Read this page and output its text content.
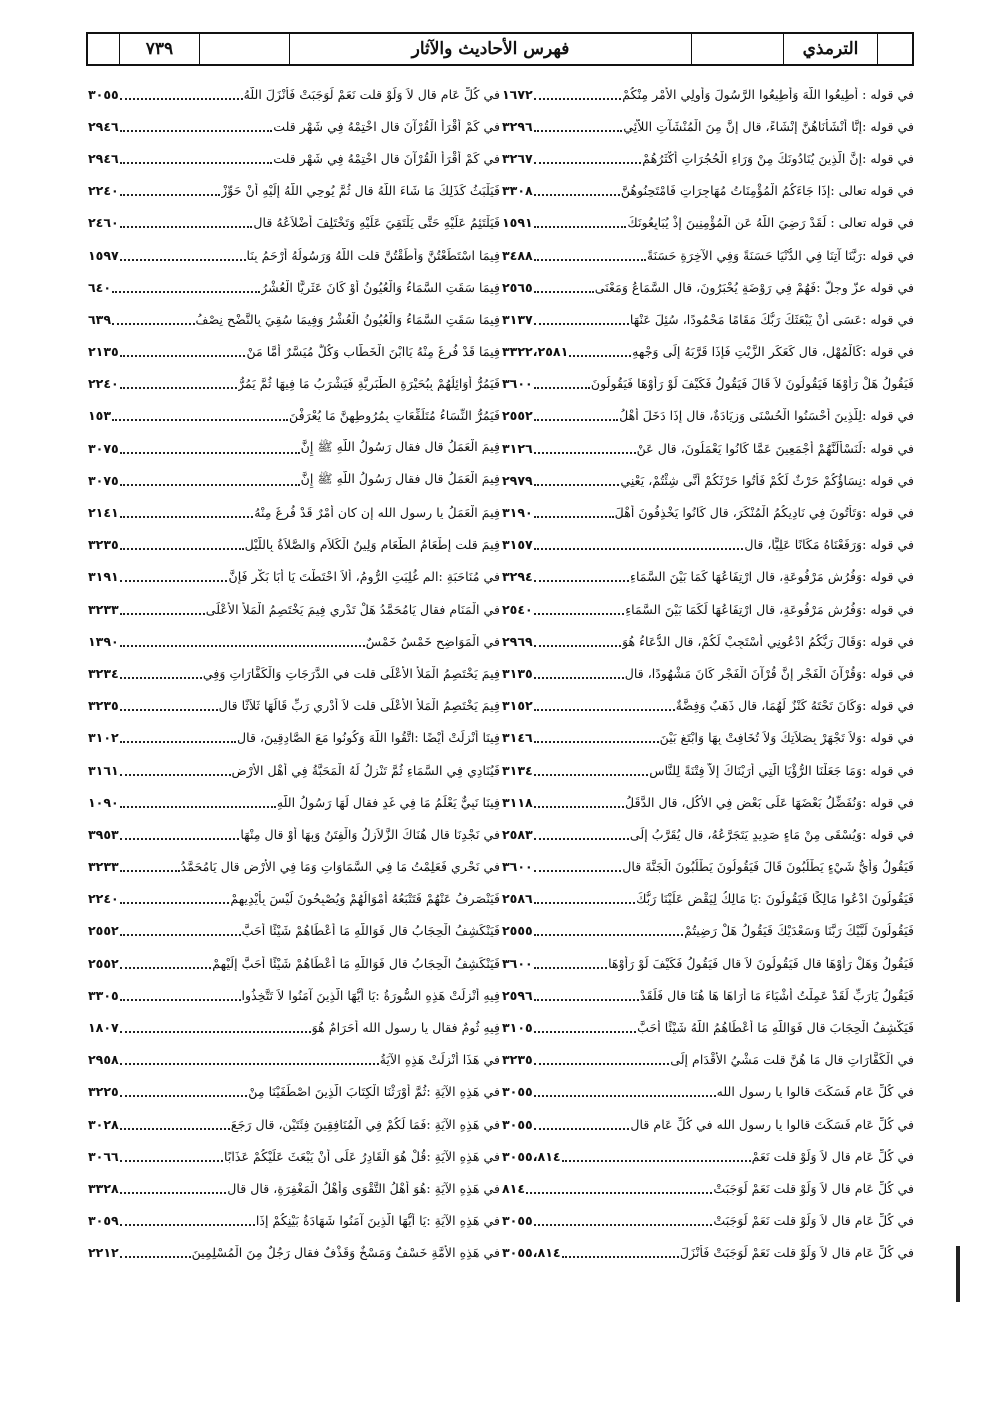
٧٣٩	فهرس الأحاديث والآثار	الترمذي
في قوله : أَطِيعُوا اللَّهَ وَأَطِيعُوا الرَّسُولَ وَأُولِي الأَمْرِ مِنْكُمْ
١٦٧٢
في قوله :إِنَّا أَنْشَأْنَاهُنَّ إِنْشَاءً، قال إِنَّ مِنَ الْمُنْشَآتِ اللاَّئِي
٣٢٩٦
في قوله :إِنَّ الَّذِينَ يُنَادُونَكَ مِنْ وَرَاءِ الْحُجُرَاتِ أَكْثَرُهُمْ
٣٢٦٧
في قوله تعالى :إِذَا جَاءَكُمُ الْمُؤْمِنَاتُ مُهَاجِرَاتٍ فَامْتَحِنُوهُنَّ
٣٣٠٨
في قوله تعالى : لَقَدْ رَضِيَ اللَّهُ عَنِ الْمُؤْمِنِينَ إِذْ يُبَايِعُونَكَ
١٥٩١
في قوله :رَبَّنَا آتِنَا فِي الدُّنْيَا حَسَنَةً وَفِي الآخِرَةِ حَسَنَةً
٣٤٨٨
في قوله عزّ وجلّ :فَهُمْ فِي رَوْضَةٍ يُحْبَرُونَ، قال السَّمَاعُ وَمَعْنَى
٢٥٦٥
في قوله :عَسَى أَنْ يَبْعَثَكَ رَبُّكَ مَقَامًا مَحْمُودًا، سُئِلَ عَنْهَا
٣١٣٧
في قوله :كَالْمُهْلِ، قال كَعَكَرِ الزَّيْتِ فَإِذَا قَرَّبَهُ إِلَى وَجْهِهِ
٣٣٢٢،٢٥٨١
فَيَقُولُ هَلْ رَأَوْهَا فَيَقُولُونَ لاَ قَالَ فَيَقُولُ فَكَيْفَ لَوْ رَأَوْهَا فَيَقُولُونَ
٣٦٠٠
في قوله :لِلَّذِينَ أَحْسَنُوا الْحُسْنَى وَزِيَادَةٌ، قال إِذَا دَخَلَ أَهْلُ
٢٥٥٢
في قوله :لَنَسْأَلَنَّهُمْ أَجْمَعِينَ عَمَّا كَانُوا يَعْمَلُونَ، قال عَنْ
٣١٢٦
في قوله :نِسَاؤُكُمْ حَرْثٌ لَكُمْ فَأْتُوا حَرْثَكُمْ أَنَّى شِئْتُمْ، يَعْنِي
٢٩٧٩
في قوله :وَتَأْتُونَ فِي نَادِيكُمُ الْمُنْكَرَ، قال كَانُوا يَخْذِفُونَ أَهْلَ
٣١٩٠
في قوله :وَرَفَعْنَاهُ مَكَانًا عَلِيًّا، قال
٣١٥٧
في قوله :وَفُرُشٍ مَرْفُوعَةٍ، قال ارْتِفَاعُهَا كَمَا بَيْنَ السَّمَاءِ
٣٢٩٤
في قوله :وَفُرُشٍ مَرْفُوعَةٍ، قال ارْتِفَاعُهَا لَكَمَا بَيْنَ السَّمَاءِ
٢٥٤٠
في قوله :وَقَالَ رَبُّكُمُ ادْعُونِي أَسْتَجِبْ لَكُمْ، قال الدُّعَاءُ هُوَ
٢٩٦٩
في قوله :وَقُرْآنَ الْفَجْرِ إِنَّ قُرْآنَ الْفَجْرِ كَانَ مَشْهُودًا، قال
٣١٣٥
في قوله :وَكَانَ تَحْتَهُ كَنْزٌ لَهُمَا، قال ذَهَبٌ وَفِضَّةٌ
٣١٥٢
في قوله :وَلاَ تَجْهَرْ بِصَلاَتِكَ وَلاَ تُخَافِتْ بِهَا وَابْتَغِ بَيْنَ
٣١٤٦
في قوله :وَمَا جَعَلْنَا الرُّؤْيَا الَّتِي أَرَيْنَاكَ إِلاَّ فِتْنَةً لِلنَّاسِ
٣١٣٤
في قوله :وَنُفَضِّلُ بَعْضَهَا عَلَى بَعْضٍ فِي الأُكُلِ، قال الدَّقَلُ
٣١١٨
في قوله :وَيُسْقَى مِنْ مَاءٍ صَدِيدٍ يَتَجَرَّعُهُ، قال يُقَرَّبُ إِلَى
٢٥٨٣
فَيَقُولُ وَأَيُّ شَيْءٍ يَطْلُبُونَ قَالَ فَيَقُولُونَ يَطْلُبُونَ الْجَنَّةَ قال
٣٦٠٠
فَيَقُولُونَ ادْعُوا مَالِكًا فَيَقُولُونَ :يَا مَالِكُ لِيَقْضِ عَلَيْنَا رَبُّكَ
٢٥٨٦
فَيَقُولُونَ لَبَّيْكَ رَبَّنَا وَسَعْدَيْكَ فَيَقُولُ هَلْ رَضِيتُمْ
٢٥٥٥
فَيَقُولُ وَهَلْ رَأَوْهَا قال فَيَقُولُونَ لاَ قال فَيَقُولُ فَكَيْفَ لَوْ رَأَوْهَا
٣٦٠٠
فَيَقُولُ يَارَبِّ لَقَدْ عَمِلْتُ أَشْيَاءَ مَا أَرَاهَا هَا هُنَا قال فَلَقَدْ
٢٥٩٦
فَيَكْشِفُ الْحِجَابَ قال فَوَاللَّهِ مَا أَعْطَاهُمُ اللَّهُ شَيْئًا أَحَبَّ
٣١٠٥
في الْكَفَّارَاتِ قال مَا هُنَّ قلت مَشْيُ الأَقْدَامِ إِلَى
٣٢٣٥
في كُلِّ عَامٍ فَسَكَتَ قالوا يا رسول الله
٣٠٥٥
في كُلِّ عَامٍ فَسَكَتَ قالوا يا رسول الله في كُلِّ عَامٍ قال
٣٠٥٥
في كُلِّ عَامٍ قال لاَ وَلَوْ قلت نَعَمْ
٣٠٥٥،٨١٤
في كُلِّ عَامٍ قال لاَ وَلَوْ قلت نَعَمْ لَوَجَبَتْ
٨١٤
في كُلِّ عَامٍ قال لاَ وَلَوْ قلت نَعَمْ لَوَجَبَتْ
٣٠٥٥
في كُلِّ عَامٍ قال لاَ وَلَوْ قلت نَعَمْ لَوَجَبَتْ فَأَنْزَلَ
٣٠٥٥،٨١٤
في كُلِّ عَامٍ قال لاَ وَلَوْ قلت نَعَمْ لَوَجَبَتْ فَأَنْزَلَ اللَّهُ
٣٠٥٥
في كَمْ أَقْرَأُ الْقُرْآنَ قال اخْتِمْهُ فِي شَهْرٍ قلت
٢٩٤٦
في كَمْ أَقْرَأُ الْقُرْآنَ قال اخْتِمْهُ فِي شَهْرٍ قلت
٢٩٤٦
فَيَلْبَثُ كَذَلِكَ مَا شَاءَ اللَّهُ قال ثُمَّ يُوحِي اللَّهُ إِلَيْهِ أَنْ حَوِّزْ
٢٢٤٠
فَيَلْتَئِمُ عَلَيْهِ حَتَّى يَلْتَقِيَ عَلَيْهِ وَتَخْتَلِفَ أَضْلاَعُهُ قال
٢٤٦٠
فِيمَا اسْتَطَعْتُنَّ وَأَطَقْتُنَّ قلت اللَّهُ وَرَسُولُهُ أَرْحَمُ بِنَا
١٥٩٧
فِيمَا سَقَتِ السَّمَاءُ وَالْعُيُونُ أَوْ كَانَ عَثَرِيًّا الْعُشْرُ
٦٤٠
فِيمَا سَقَتِ السَّمَاءُ وَالْعُيُونُ الْعُشْرُ وَفِيمَا سُقِيَ بِالنَّضْحِ نِصْفُ
٦٣٩
فِيمَا قَدْ فُرِغَ مِنْهُ يَاابْنَ الْخَطَّابِ وَكُلٌّ مُيَسَّرٌ أَمَّا مَنْ
٢١٣٥
فَيَمُرُّ أَوَائِلُهُمْ بِبُحَيْرَةِ الطَّبَرِيَّةِ فَيَشْرَبُ مَا فِيهَا ثُمَّ يَمُرُّ
٢٢٤٠
فَيَمُرُّ النِّسَاءُ مُتَلَفِّعَاتٍ بِمُرُوطِهِنَّ مَا يُعْرَفْنَ
١٥٣
فِيمَ الْعَمَلُ قال فقال رَسُولُ اللَّهِ ﷺ إِنَّ
٣٠٧٥
فِيمَ الْعَمَلُ قال فقال رَسُولُ اللَّهِ ﷺ إِنَّ
٣٠٧٥
فِيمَ الْعَمَلُ يا رسول الله إن كان أَمْرٌ قَدْ فُرِغَ مِنْهُ
٢١٤١
فِيمَ قلت إِطْعَامُ الطَّعَامِ وَلِينُ الْكَلاَمِ وَالصَّلاَةُ بِاللَّيْلِ
٣٢٣٥
في مُنَاحَبَةِ :الم غُلِبَتِ الرُّومُ، أَلاَ احْتَطْتَ يَا أَبَا بَكْرٍ فَإِنَّ
٣١٩١
في الْمَنَامِ فقال يَامُحَمَّدُ هَلْ تَدْرِي فِيمَ يَخْتَصِمُ الْمَلأُ الأَعْلَى
٣٢٣٣
في الْمَوَاضِحِ خَمْسٌ خَمْسٌ
١٣٩٠
فِيمَ يَخْتَصِمُ الْمَلأُ الأَعْلَى قلت في الدَّرَجَاتِ وَالْكَفَّارَاتِ وَفِي
٣٢٣٤
فِيمَ يَخْتَصِمُ الْمَلأُ الأَعْلَى قلت لاَ أَدْرِي رَبِّ قَالَهَا ثَلاَثًا قال
٣٢٣٥
فِينَا أُنْزِلَتْ أَيْضًا :اتَّقُوا اللَّهَ وَكُونُوا مَعَ الصَّادِقِينَ، قال
٣١٠٢
فَيُنَادِي فِي السَّمَاءِ ثُمَّ تَنْزِلُ لَهُ الْمَحَبَّةُ فِي أَهْلِ الأَرْضِ
٣١٦١
فِينَا نَبِيٌّ يَعْلَمُ مَا فِي غَدٍ فقال لَهَا رَسُولُ اللَّهِ
١٠٩٠
في نَجْدِنَا قال هُنَاكَ الزَّلاَزِلُ وَالْفِتَنُ وَبِهَا أَوْ قال مِنْهَا
٣٩٥٣
في نَحْرِي فَعَلِمْتُ مَا فِي السَّمَاوَاتِ وَمَا فِي الأَرْضِ قال يَامُحَمَّدُ
٣٢٣٣
فَيَنْصَرِفُ عَنْهُمْ فَتَتْبَعُهُ أَمْوَالُهُمْ وَيُصْبِحُونَ لَيْسَ بِأَيْدِيهِمْ
٢٢٤٠
فَيَنْكَشِفُ الْحِجَابُ قال فَوَاللَّهِ مَا أَعْطَاهُمْ شَيْئًا أَحَبَّ
٢٥٥٢
فَيَنْكَشِفُ الْحِجَابُ قال فَوَاللَّهِ مَا أَعْطَاهُمْ شَيْئًا أَحَبَّ إِلَيْهِمْ
٢٥٥٢
فِيهِ أُنْزِلَتْ هَذِهِ السُّورَةُ :يَا أَيُّهَا الَّذِينَ آمَنُوا لاَ تَتَّخِذُوا
٣٣٠٥
فِيهِ ثُومٌ فقال يا رسول الله أَحَرَامٌ هُوَ
١٨٠٧
في هَذَا أُنْزِلَتْ هَذِهِ الآيَةُ
٢٩٥٨
في هَذِهِ الآيَةِ :ثُمَّ أَوْرَثْنَا الْكِتَابَ الَّذِينَ اصْطَفَيْنَا مِنْ
٣٢٢٥
في هَذِهِ الآيَةِ :فَمَا لَكُمْ فِي الْمُنَافِقِينَ فِئَتَيْنِ، قال رَجَعَ
٣٠٢٨
في هَذِهِ الآيَةِ :قُلْ هُوَ الْقَادِرُ عَلَى أَنْ يَبْعَثَ عَلَيْكُمْ عَذَابًا
٣٠٦٦
في هَذِهِ الآيَةِ :هُوَ أَهْلُ التَّقْوَى وَأَهْلُ الْمَغْفِرَةِ، قال قال
٣٣٢٨
في هَذِهِ الآيَةِ :يَا أَيُّهَا الَّذِينَ آمَنُوا شَهَادَةُ بَيْنِكُمْ إِذَا
٣٠٥٩
في هَذِهِ الأُمَّةِ خَسْفٌ وَمَسْخٌ وَقَذْفٌ فقال رَجُلٌ مِنَ الْمُسْلِمِينَ
٢٢١٢
